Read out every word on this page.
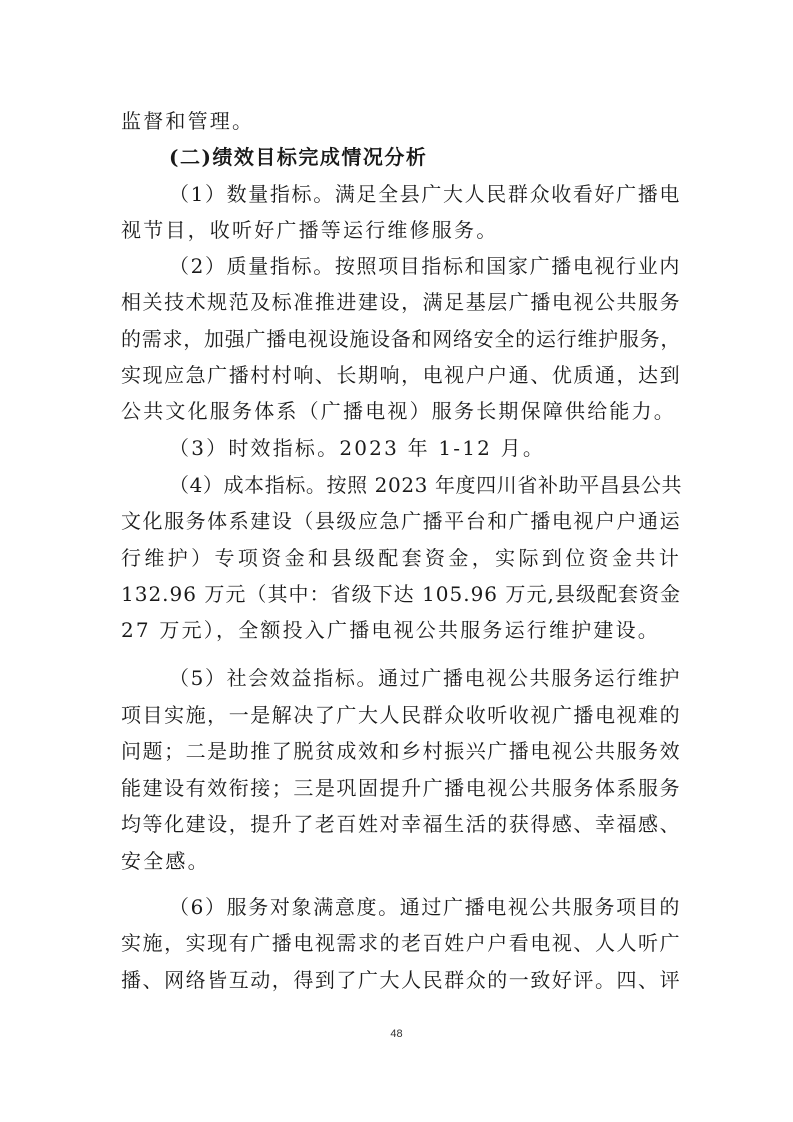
监督和管理。
(二)绩效目标完成情况分析
（1）数量指标。满足全县广大人民群众收看好广播电
视节目，收听好广播等运行维修服务。
（2）质量指标。按照项目指标和国家广播电视行业内
相关技术规范及标准推进建设，满足基层广播电视公共服务
的需求，加强广播电视设施设备和网络安全的运行维护服务，
实现应急广播村村响、长期响，电视户户通、优质通，达到
公共文化服务体系（广播电视）服务长期保障供给能力。
（3）时效指标。2023 年 1-12 月。
（4）成本指标。按照 2023 年度四川省补助平昌县公共
文化服务体系建设（县级应急广播平台和广播电视户户通运
行维护）专项资金和县级配套资金，实际到位资金共计
132.96 万元（其中：省级下达 105.96 万元,县级配套资金
27 万元），全额投入广播电视公共服务运行维护建设。
（5）社会效益指标。通过广播电视公共服务运行维护
项目实施，一是解决了广大人民群众收听收视广播电视难的
问题；二是助推了脱贫成效和乡村振兴广播电视公共服务效
能建设有效衔接；三是巩固提升广播电视公共服务体系服务
均等化建设，提升了老百姓对幸福生活的获得感、幸福感、
安全感。
（6）服务对象满意度。通过广播电视公共服务项目的
实施，实现有广播电视需求的老百姓户户看电视、人人听广
播、网络皆互动，得到了广大人民群众的一致好评。四、评
48
